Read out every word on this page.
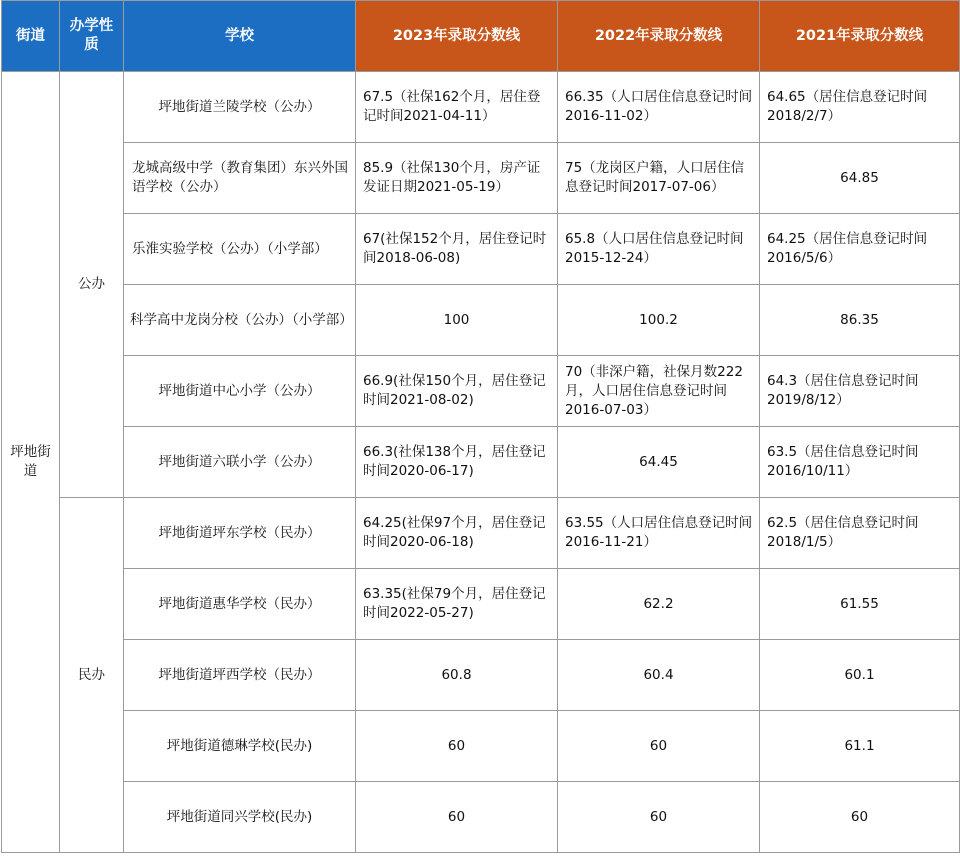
街道	办学性质	学校	2023年录取分数线	2022年录取分数线	2021年录取分数线
坪地街道	公办	坪地街道兰陵学校（公办）	67.5（社保162个月，居住登记时间2021-04-11）	66.35（人口居住信息登记时间2016-11-02）	64.65（居住信息登记时间2018/2/7）
		龙城高级中学（教育集团）东兴外国语学校（公办）	85.9（社保130个月，房产证发证日期2021-05-19）	75（龙岗区户籍，人口居住信息登记时间2017-07-06）	64.85
		乐淮实验学校（公办）（小学部）	67(社保152个月，居住登记时间2018-06-08)	65.8（人口居住信息登记时间2015-12-24）	64.25（居住信息登记时间2016/5/6）
		科学高中龙岗分校（公办）（小学部）	100	100.2	86.35
		坪地街道中心小学（公办）	66.9(社保150个月，居住登记时间2021-08-02)	70（非深户籍，社保月数222月，人口居住信息登记时间2016-07-03）	64.3（居住信息登记时间2019/8/12）
		坪地街道六联小学（公办）	66.3(社保138个月，居住登记时间2020-06-17)	64.45	63.5（居住信息登记时间2016/10/11）
	民办	坪地街道坪东学校（民办）	64.25(社保97个月，居住登记时间2020-06-18)	63.55（人口居住信息登记时间2016-11-21）	62.5（居住信息登记时间2018/1/5）
		坪地街道惠华学校（民办）	63.35(社保79个月，居住登记时间2022-05-27)	62.2	61.55
		坪地街道坪西学校（民办）	60.8	60.4	60.1
		坪地街道德琳学校(民办)	60	60	61.1
		坪地街道同兴学校(民办)	60	60	60
